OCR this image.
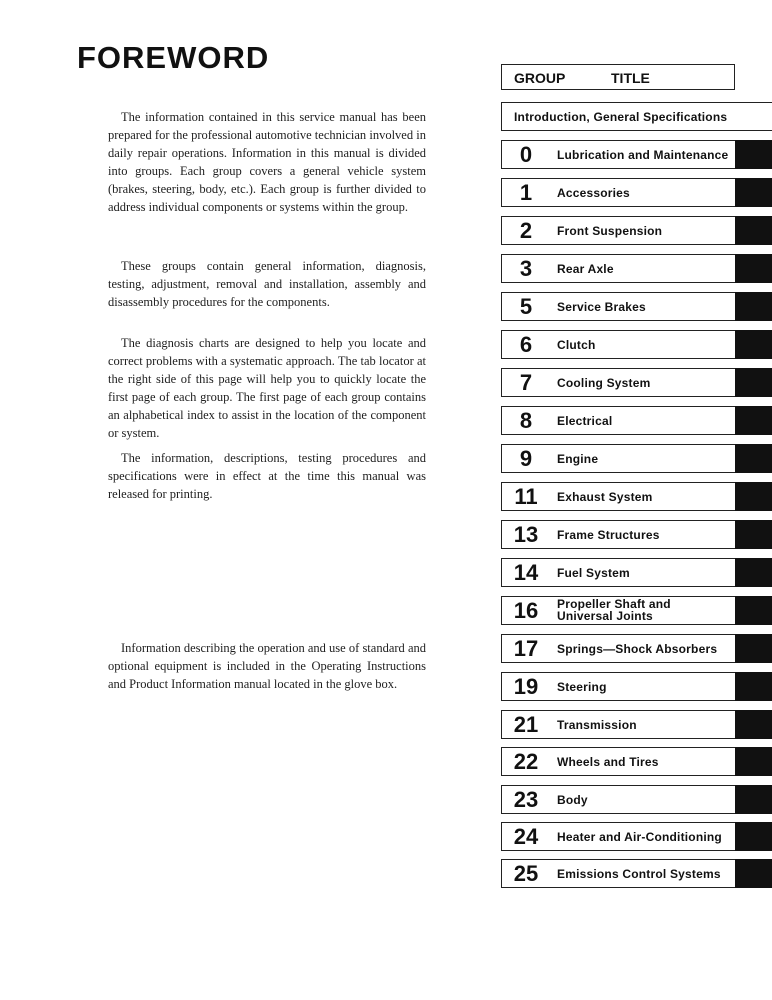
FOREWORD

The information contained in this service manual has been prepared for the professional automotive technician involved in daily repair operations. Information in this manual is divided into groups. Each group covers a general vehicle system (brakes, steering, body, etc.). Each group is further divided to address individual components or systems within the group.

These groups contain general information, diagnosis, testing, adjustment, removal and installation, assembly and disassembly procedures for the components.

The diagnosis charts are designed to help you locate and correct problems with a systematic approach. The tab locator at the right side of this page will help you to quickly locate the first page of each group. The first page of each group contains an alphabetical index to assist in the location of the component or system.

The information, descriptions, testing procedures and specifications were in effect at the time this manual was released for printing.

Information describing the operation and use of standard and optional equipment is included in the Operating Instructions and Product Information manual located in the glove box.

GROUP	TITLE
Introduction, General Specifications
0	Lubrication and Maintenance
1	Accessories
2	Front Suspension
3	Rear Axle
5	Service Brakes
6	Clutch
7	Cooling System
8	Electrical
9	Engine
11	Exhaust System
13	Frame Structures
14	Fuel System
16	Propeller Shaft and Universal Joints
17	Springs—Shock Absorbers
19	Steering
21	Transmission
22	Wheels and Tires
23	Body
24	Heater and Air-Conditioning
25	Emissions Control Systems
